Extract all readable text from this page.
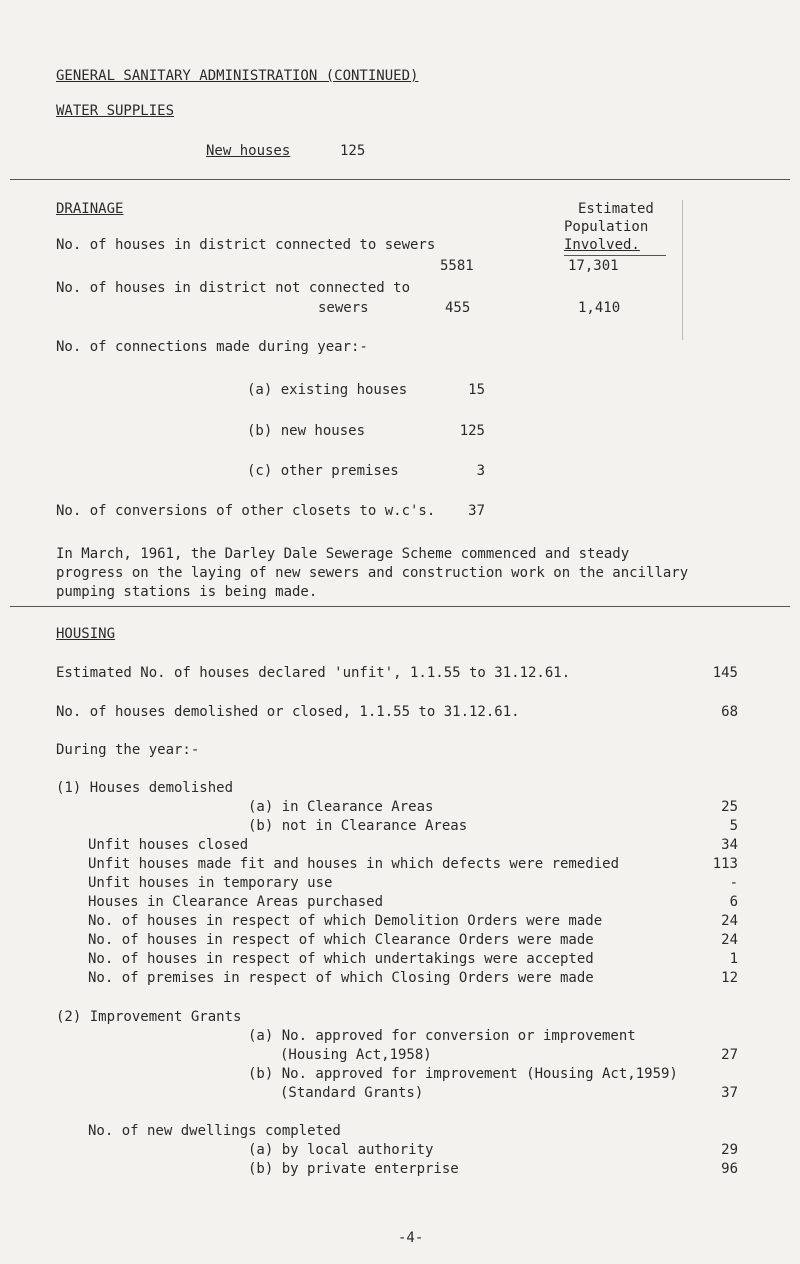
GENERAL SANITARY ADMINISTRATION (CONTINUED)
WATER SUPPLIES
New houses	125
DRAINAGE	Estimated
Population
Involved.
No. of houses in district connected to sewers
5581	17,301
No. of houses in district not connected to
sewers	455	1,410
No. of connections made during year:-
(a) existing houses	15
(b) new houses	125
(c) other premises	3
No. of conversions of other closets to w.c's.	37
In March, 1961, the Darley Dale Sewerage Scheme commenced and steady
progress on the laying of new sewers and construction work on the ancillary
pumping stations is being made.
HOUSING
Estimated No. of houses declared 'unfit', 1.1.55 to 31.12.61.	145
No. of houses demolished or closed, 1.1.55 to 31.12.61.	68
During the year:-
(1) Houses demolished
(a) in Clearance Areas	25
(b) not in Clearance Areas	5
Unfit houses closed	34
Unfit houses made fit and houses in which defects were remedied	113
Unfit houses in temporary use	-
Houses in Clearance Areas purchased	6
No. of houses in respect of which Demolition Orders were made	24
No. of houses in respect of which Clearance Orders were made	24
No. of houses in respect of which undertakings were accepted	1
No. of premises in respect of which Closing Orders were made	12
(2) Improvement Grants
(a) No. approved for conversion or improvement
(Housing Act,1958)	27
(b) No. approved for improvement (Housing Act,1959)
(Standard Grants)	37
No. of new dwellings completed
(a) by local authority	29
(b) by private enterprise	96
-4-
